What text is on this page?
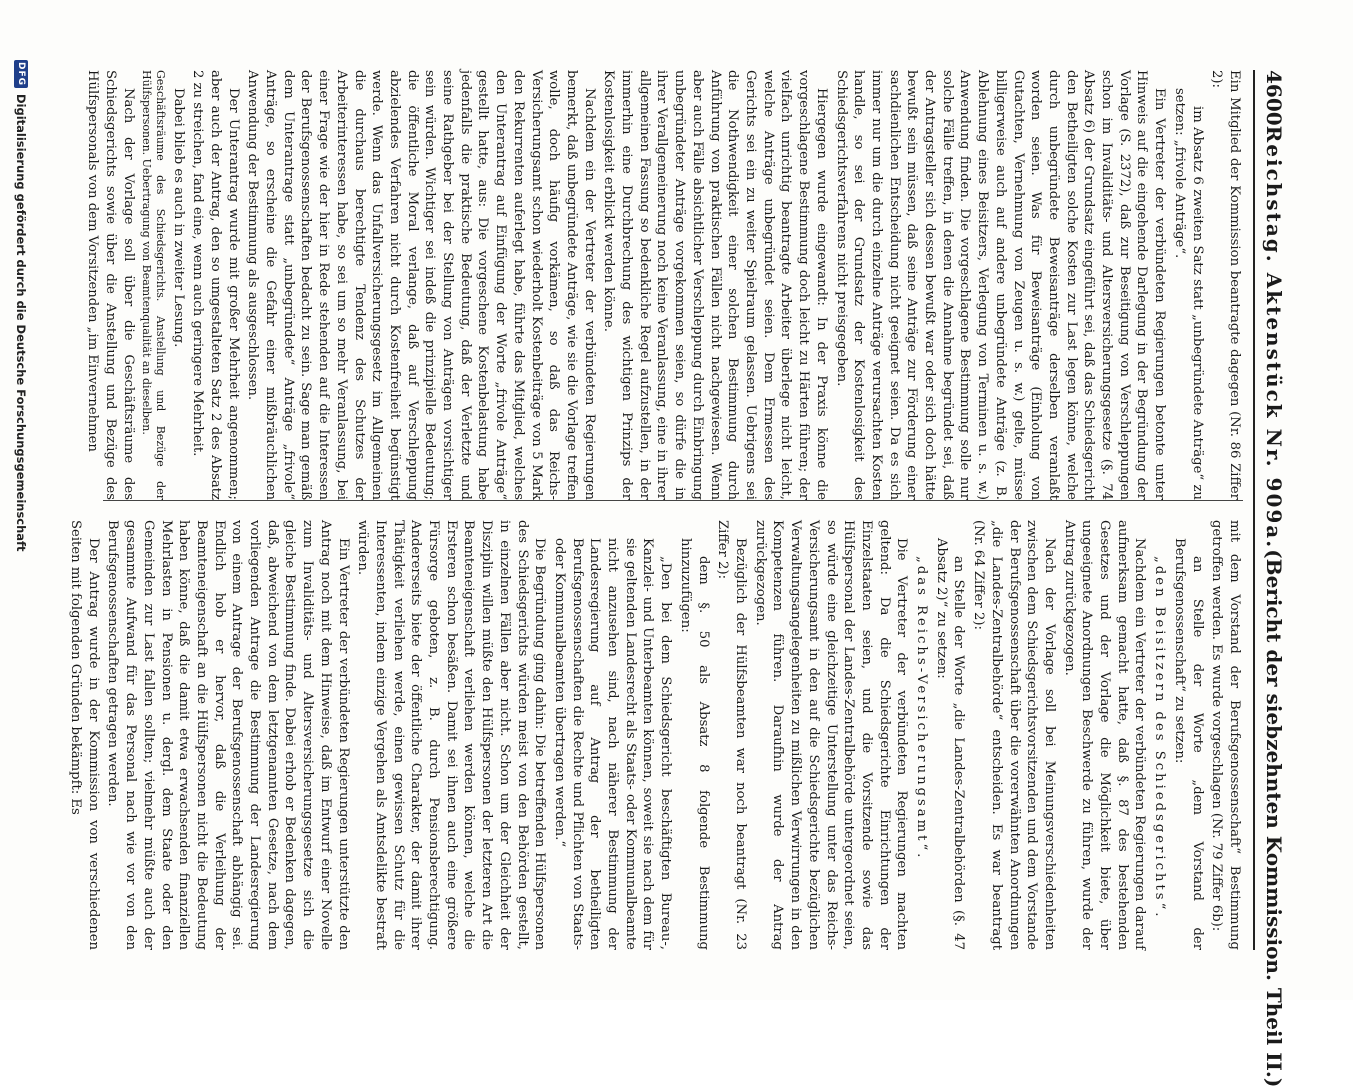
4600
Reichstag. Aktenstück Nr. 909a.
(Bericht der siebzehnten Kommission. Theil II.)

Ein Mitglied der Kommission beantragte dagegen (Nr. 86 Ziffer 2):

im Absatz 6 zweiten Satz statt „unbegründete Anträge“ zu setzen: „frivole Anträge“.

Ein Vertreter der verbündeten Regierungen betonte unter Hinweis auf die eingehende Darlegung in der Begründung der Vorlage (S. 2372), daß zur Beseitigung von Verschleppungen schon im Invaliditäts- und Altersversicherungsgesetze (§. 74 Absatz 6) der Grundsatz eingeführt sei, daß das Schiedsgericht den Betheiligten solche Kosten zur Last legen könne, welche durch unbegründete Beweisanträge derselben veranlaßt worden seien. Was für Beweisanträge (Einholung von Gutachten, Vernehmung von Zeugen u. s. w.) gelte, müsse billigerweise auch auf andere unbegründete Anträge (z. B. Ablehnung eines Beisitzers, Verlegung von Terminen u. s. w.) Anwendung finden. Die vorgeschlagene Bestimmung solle nur solche Fälle treffen, in denen die Annahme begründet sei, daß der Antragsteller sich dessen bewußt war oder sich doch hätte bewußt sein müssen, daß seine Anträge zur Förderung einer sachdienlichen Entscheidung nicht geeignet seien. Da es sich immer nur um die durch einzelne Anträge verursachten Kosten handle, so sei der Grundsatz der Kostenlosigkeit des Schiedsgerichtsverfahrens nicht preisgegeben.

Hiergegen wurde eingewandt: In der Praxis könne die vorgeschlagene Bestimmung doch leicht zu Härten führen; der vielfach unrichtig beantragte Arbeiter überlege nicht leicht, welche Anträge unbegründet seien. Dem Ermessen des Gerichts sei ein zu weiter Spielraum gelassen. Uebrigens sei die Nothwendigkeit einer solchen Bestimmung durch Anführung von praktischen Fällen nicht nachgewiesen. Wenn aber auch Fälle absichtlicher Verschleppung durch Einbringung unbegründeter Anträge vorgekommen seien, so dürfe die in ihrer Verallgemeinerung noch keine Veranlassung, eine in ihrer allgemeinen Fassung so bedenkliche Regel aufzustellen, in der immerhin eine Durchbrechung des wichtigen Prinzips der Kostenlosigkeit erblickt werden könne.

Nachdem ein der Vertreter der verbündeten Regierungen bemerkt, daß unbegründete Anträge, wie sie die Vorlage treffen wolle, doch häufig vorkämen, so daß das Reichs-Versicherungsamt schon wiederholt Kostenbeiträge von 5 Mark den Rekurrenten auferlegt habe, führte das Mitglied, welches den Unterantrag auf Einfügung der Worte „frivole Anträge“ gestellt hatte, aus: Die vorgeschene Kostenbelastung habe jedenfalls die praktische Bedeutung, daß der Verletzte und seine Rathgeber bei der Stellung von Anträgen vorsichtiger sein würden. Wichtiger sei indeß die prinzipielle Bedeutung; die öffentliche Moral verlange, daß auf Verschleppung abzielendes Verfahren nicht durch Kostenfreiheit begünstigt werde. Wenn das Unfallversicherungsgesetz im Allgemeinen die durchaus berechtigte Tendenz des Schutzes der Arbeiterinteressen habe, so sei um so mehr Veranlassung, bei einer Frage wie der hier in Rede stehenden auf die Interessen der Berufsgenossenschaften bedacht zu sein. Sage man gemäß dem Unterantrage statt „unbegründete“ Anträge „frivole“ Anträge, so erscheine die Gefahr einer mißbräuchlichen Anwendung der Bestimmung als ausgeschlossen.

Der Unterantrag wurde mit großer Mehrheit angenommen; aber auch der Antrag, den so umgestalteten Satz 2 des Absatz 2 zu streichen, fand eine, wenn auch geringere Mehrheit.

Dabei blieb es auch in zweiter Lesung.

Geschäftsräume des Schiedsgerichts. Anstellung und Bezüge der Hülfspersonen. Uebertragung von Beamtenqualität an dieselben.

Nach der Vorlage soll über die Geschäftsräume des Schiedsgerichts sowie über die Anstellung und Bezüge des Hülfspersonals von dem Vorsitzenden „im Einvernehmen

mit dem Vorstand der Berufsgenossenschaft“ Bestimmung getroffen werden. Es wurde vorgeschlagen (Nr. 79 Ziffer 6b):

an Stelle der Worte „dem Vorstand der Berufsgenossenschaft“ zu setzen:

„den Beisitzern des Schiedsgerichts“.

Nachdem ein Vertreter der verbündeten Regierungen darauf aufmerksam gemacht hatte, daß §. 87 des bestehenden Gesetzes und der Vorlage die Möglichkeit biete, über ungeeignete Anordnungen Beschwerde zu führen, wurde der Antrag zurückgezogen.

Nach der Vorlage soll bei Meinungsverschiedenheiten zwischen dem Schiedsgerichtsvorsitzenden und dem Vorstande der Berufsgenossenschaft über die vorerwähnten Anordnungen „die Landes-Zentralbehörde“ entscheiden. Es war beantragt (Nr. 64 Ziffer 2):

an Stelle der Worte „die Landes-Zentralbehörden (§. 47 Absatz 2)“ zu setzen:

„das Reichs-Versicherungsamt“.

Die Vertreter der verbündeten Regierungen machten geltend: Da die Schiedsgerichte Einrichtungen der Einzelstaaten seien, und die Vorsitzende sowie das Hülfspersonal der Landes-Zentralbehörde untergeordnet seien, so würde eine gleichzeitige Unterstellung unter das Reichs-Versicherungsamt in den auf die Schiedsgerichte bezüglichen Verwaltungsangelegenheiten zu mißlichen Verwirrungen in den Kompetenzen führen. Daraufhin wurde der Antrag zurückgezogen.

Bezüglich der Hülfsbeamten war noch beantragt (Nr. 23 Ziffer 2):

dem §. 50 als Absatz 8 folgende Bestimmung hinzuzufügen:

„Den bei dem Schiedsgericht beschäftigten Bureau-, Kanzlei- und Unterbeamten können, soweit sie nach dem für sie geltenden Landesrecht als Staats- oder Kommunalbeamte nicht anzusehen sind, nach näherer Bestimmung der Landesregierung auf Antrag der betheiligten Berufsgenossenschaften die Rechte und Pflichten von Staats- oder Kommunalbeamten übertragen werden.“

Die Begründung ging dahin: Die betreffenden Hülfspersonen des Schiedsgerichts würden meist von den Behörden gestellt, in einzelnen Fällen aber nicht. Schon um der Gleichheit der Disziplin willen müßte den Hülfspersonen der letzteren Art die Beamteneigenschaft verliehen werden können, welche die Ersteren schon besäßen. Damit sei ihnen auch eine größere Fürsorge geboten, z. B. durch Pensionsberechtigung. Andererseits biete der öffentliche Charakter, der damit ihrer Thätigkeit verliehen werde, einen gewissen Schutz für die Interessenten, indem einzige Vergehen als Amtsdelikte bestraft würden.

Ein Vertreter der verbündeten Regierungen unterstützte den Antrag noch mit dem Hinweise, daß im Entwurf einer Novelle zum Invaliditäts- und Altersversicherungsgesetze sich die gleiche Bestimmung finde. Dabei erhob er Bedenken dagegen, daß, abweichend von dem letztgenannten Gesetze, nach dem vorliegenden Antrage die Bestimmung der Landesregierung von einem Antrage der Berufsgenossenschaft abhängig sei. Endlich hob er hervor, daß die Verleihung der Beamteneigenschaft an die Hülfspersonen nicht die Bedeutung haben könne, daß die damit etwa erwachsenden finanziellen Mehrlasten in Pensionen u. dergl. dem Staate oder den Gemeinden zur Last fallen sollten; vielmehr müßte auch der gesammte Aufwand für das Personal nach wie vor von den Berufsgenossenschaften getragen werden.

Der Antrag wurde in der Kommission von verschiedenen Seiten mit folgenden Gründen bekämpft: Es

DFG
Digitalisierung gefördert durch die Deutsche Forschungsgemeinschaft
